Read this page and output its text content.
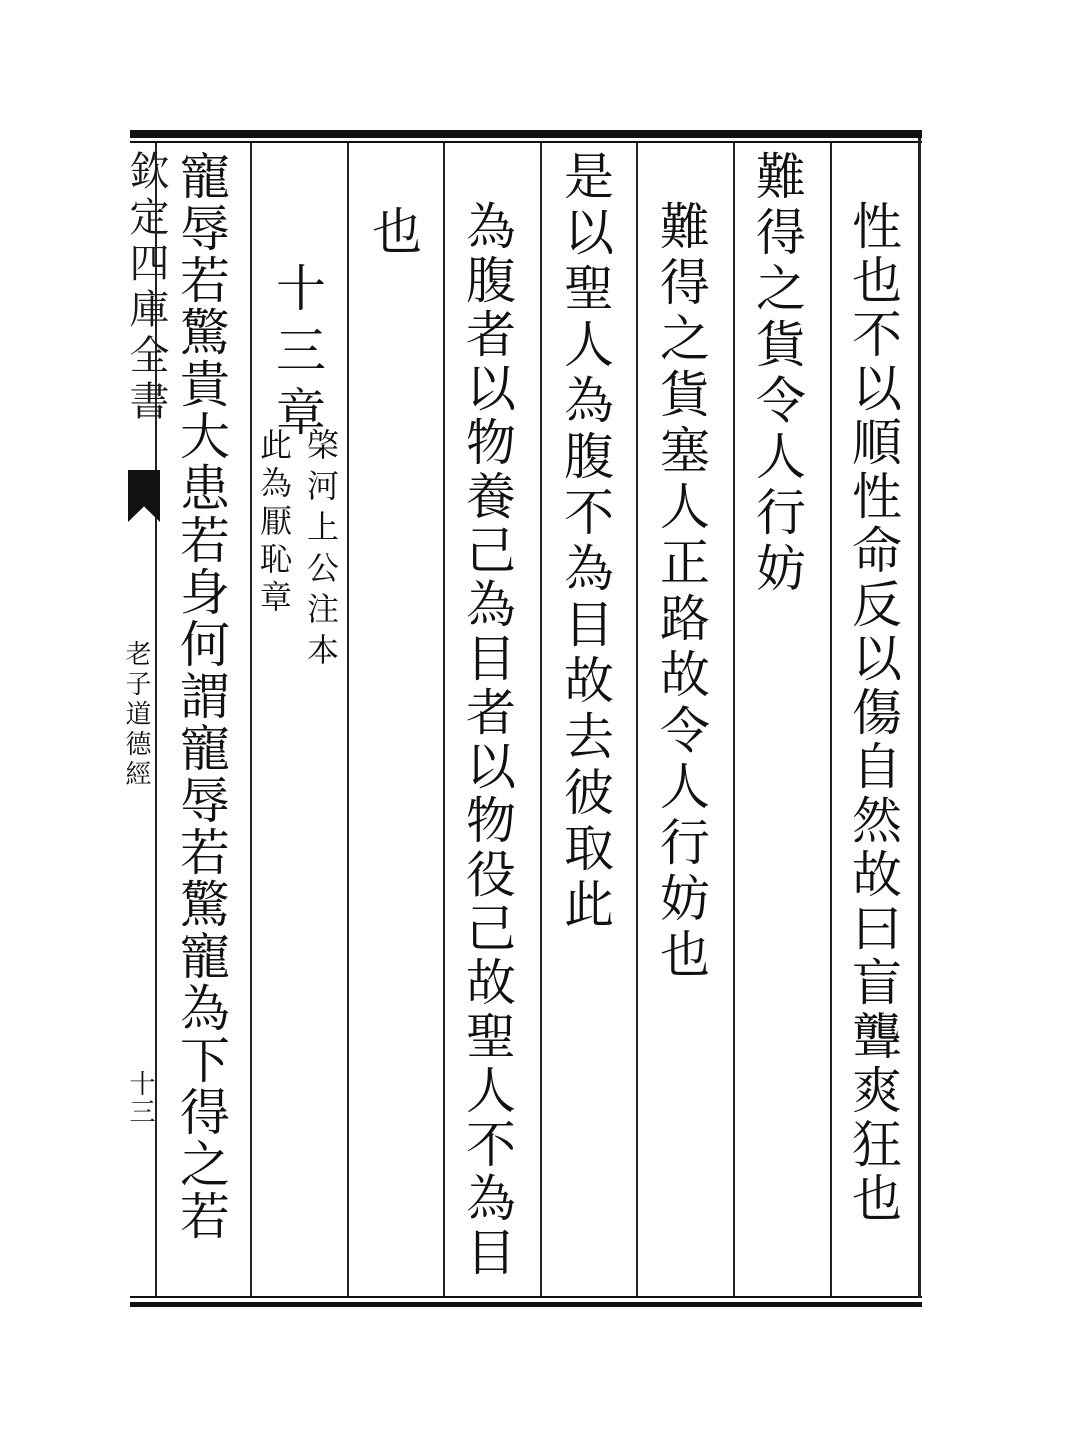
欽定四庫全書
老子道德經
十三	性也不以順性命反以傷自然故曰盲聾爽狂也
難得之貨令人行妨
難得之貨塞人正路故令人行妨也
是以聖人為腹不為目故去彼取此
為腹者以物養己為目者以物役己故聖人不為目
也
十三章
此為厭恥章 棨河上公注本
寵辱若驚貴大患若身何謂寵辱若驚寵為下得之若
